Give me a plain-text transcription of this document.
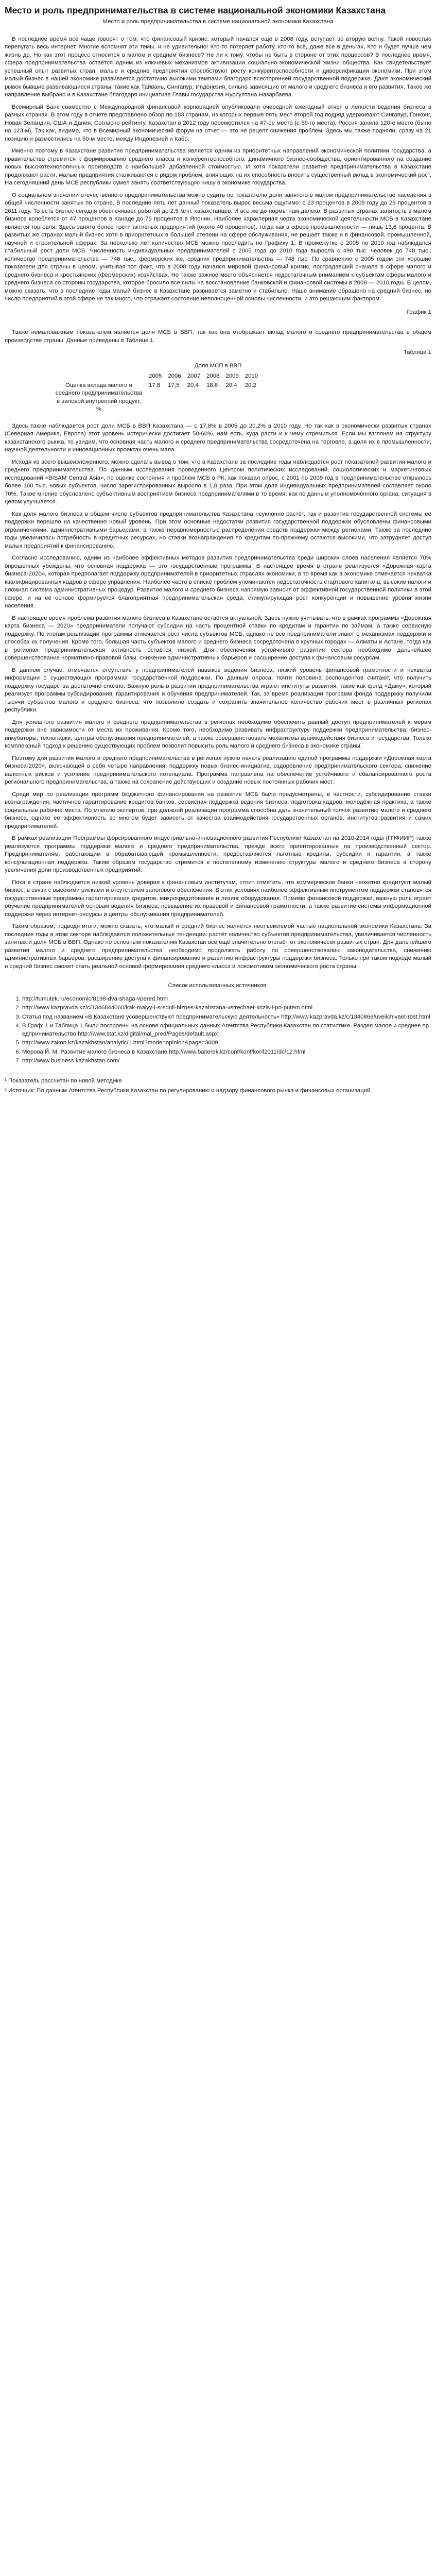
Место и роль предпринимательства в системе национальной экономики Казахстана
Место и роль предпринимательства в системе национальной экономики Казахстана

В последнее время все чаще говорят о том, что финансовый кризис, который начался ещё в 2008 году, вступает во вторую волну. Такой новостью перепугать весь интернет. Многие вспомнят эти темы, и не удивительно! Кто-то потеряет работу, кто-то всё, даже все в деньгах, Кто и будет лучше чем жизнь до. Но как этот процесс относится в малом и среднем бизнесе? Не ли к тому, чтобы не быть в стороне от этих процессов? В последнее время, сфера предпринимательства остаётся одним из ключевых механизмов активизации социально-экономической жизни общества. Как свидетельствует успешный опыт развитых стран, малые и средние предприятия способствуют росту конкурентоспособности и диверсификации экономики. При этом малый бизнес в нашей экономике развивается достаточно высокими темпами благодаря всесторонней государственной поддержке. Дают экономический рывок бывшие развивающиеся страны, такие как Тайвань, Сингапур, Индонезия, сильно зависящие от малого и среднего бизнеса и его развития. Такое же направление выбрано и в Казахстане благодаря инициативе Главы государства Нурсултана Назарбаева.

Всемирный Банк совместно с Международной финансовой корпорацией опубликовали очередной ежегодный отчет о легкости ведения бизнеса в разных странах. В этом году в отчете представлено обзор по 183 странам, из которых первые пять мест второй год подряд удерживают Сингапур, Гонконг, Новая Зеландия, США и Дания. Согласно рейтингу, Казахстан в 2012 году переместился на 47-ое место (с 59-го места), Россия заняла 120-е место (было на 123-м), Так как, видимо, что в Всемирный экономический форум на отчет — это не рецепт снижения проблем. Здесь мы также подняли, сразу на 21 позицию и разместились на 50-м месте, между Индонезией и Кабо.

Именно поэтому в Казахстане развитие предпринимательства является одним из приоритетных направлений экономической политики государства, а правительство стремится к формированию среднего класса и конкурентоспособного, динамичного бизнес-сообщества, ориентированного на создание новых высокотехнологичных производств с наибольшей добавленной стоимостью. И хотя показатели развития предпринимательства в Казахстане продолжают расти, малые предприятия сталкиваются с рядом проблем, влияющих на их способность вносить существенный вклад в экономический рост. На сегодняшний день МСБ республики сумел занять соответствующую нишу в экономике государства.

О социальном значении отечественного предпринимательства можно судить по показателю доли занятого в малом предпринимательстве населения в общей численности занятых по стране. В последние пять лет данный показатель вырос весьма ощутимо: с 23 процентов в 2009 году до 29 процентов в 2011 году. То есть бизнес сегодня обеспечивает работой до 2,5 млн. казахстанцев. И все же до нормы нам далеко. В развитых странах занятость в малом бизнесе колеблется от 47 процентов в Канаде до 75 процентов в Японии. Наиболее характерная черта экономической деятельности МСБ в Казахстане является торговля. Здесь занято более трети активных предприятий (около 40 процентов), тогда как в сфере промышленности — лишь 13,6 процента. В развитых же странах малый бизнес хотя в приоритетных в большей степени на сфере обслуживания, не решает также и в финансовой, промышленной, научной и строительной сферах. За несколько лет количество МСБ можно проследить по Графику 1. В промежутке с 2005 по 2010 год наблюдался стабильный рост доли МСБ. Численность индивидуальных предпринимателей с 2005 года до 2010 года выросла с 490 тыс. человек до 748 тыс., количество предпринимательства — 746 тыс., фермерских же, средних предпринимательства — 748 тыс. По сравнению с 2005 годом эти хорошие показатели для страны в целом, учитывая тот факт, что в 2008 году начался мировой финансовый кризис, пострадавший сначала в сфере малого и среднего бизнеса и крестьянских (фермерских) хозяйствах. Но также важное место объясняется недостаточным вниманием к субъектам сферы малого и среднего бизнеса со стороны государства, которое бросило все силы на восстановление банковской и финансовой системы в 2008 — 2010 годы. В целом, можно сказать, что в последние годы малый бизнес в Казахстане развивается заметно и стабильно. Наше внимание обращено на средний бизнес, но число предприятий в этой сфере не так много, что отражает состояние неполноценной основы численности, и это решающим фактором.

График 1

Также немаловажным показателем является доля МСБ в ВВП, так как она отображает вклад малого и среднего предпринимательства в общем производстве страны. Данные приведены в Таблице 1.

Таблица 1
Доля МСП в ВВП
	2005	2006	2007	2008	2009	2010
Оценка вклада малого и среднего предпринимательства в валовой внутренний продукт, %	17,8	17,5	20,4	18,6	20,4	20,2

Здесь также наблюдается рост доли МСБ в ВВП Казахстана — с 17,8% в 2005 до 20,2% в 2010 году. Но так как в экономически развитых странах (Северная Америка, Европа) этот уровень истерически достигает 50-60%, нам есть, куда расти и к чему стремиться. Если мы взглянем на структуру казахстанского рынка, то увидим, что основная часть малого и среднего предпринимательства сосредоточена на торговле, а доля их в промышленности, научной деятельности и инновационных проектах очень мала.

Исходя из всего вышеизложенного, можно сделать вывод о том, что в Казахстане за последние годы наблюдается рост показателей развития малого и среднего предпринимательства. По данным исследования проведённого Центром политических исследований, социологических и маркетинговых исследований «BISAM Central Asia», по оценке состояния и проблем МСБ в РК, как показал опрос, с 2001 по 2009 год в предпринимательстве открылось более 100 тыс. новых субъектов, число зарегистрированных выросло в 1,8 раза. При этом доля индивидуальных предпринимателей составляет около 70%. Такое мнение обусловлено субъективным восприятием бизнеса предпринимателями в то время, как по данным уполномоченного органа, ситуация в целом улучшается.

Как доля малого бизнеса в общем числе субъектов предпринимательства Казахстана неуклонно растёт, так и развитие государственной системы её поддержки перешло на качественно новый уровень. При этом основные недостатки развития государственной поддержки обусловлены финансовыми ограничениями, административными барьерами, а также неравномерностью распределения средств поддержки между регионами. Также за последние годы увеличилась потребность в кредитных ресурсах, но ставки вознаграждения по кредитам по-прежнему остаются высокими, что затрудняет доступ малых предприятий к финансированию.

Согласно исследованию, одним из наиболее эффективных методов развития предпринимательства среди широких слоёв населения является 70% опрошенных убеждены, что основная поддержка — это государственные программы. В настоящее время в стране реализуется «Дорожная карта бизнеса-2020», которая предполагает поддержку предпринимателей в приоритетных отраслях экономики, в то время как в экономике отмечается нехватка квалифицированных кадров в сфере управления. Наиболее часто в списке проблем упоминаются недостаточность стартового капитала, высокие налоги и сложная система административных процедур. Развитие малого и среднего бизнеса напрямую зависит от эффективной государственной политики в этой сфере, и на её основе формируется благоприятная предпринимательская среда, стимулирующая рост конкуренции и повышение уровня жизни населения.

В настоящее время проблема развития малого бизнеса в Казахстане остаётся актуальной. Здесь нужно учитывать, что в рамках программы «Дорожная карта бизнеса — 2020» предприниматели получают субсидии на часть процентной ставки по кредитам и гарантии по займам, а также сервисную поддержку. По итогам реализации программы отмечается рост числа субъектов МСБ, однако не все предприниматели знают о механизмах поддержки и способах их получения. Кроме того, большая часть субъектов малого и среднего бизнеса сосредоточена в крупных городах — Алматы и Астане, тогда как в регионах предпринимательская активность остаётся низкой. Для обеспечения устойчивого развития сектора необходимо дальнейшее совершенствование нормативно-правовой базы, снижение административных барьеров и расширение доступа к финансовым ресурсам.

В данном случае, отмечается отсутствие у предпринимателей навыков ведения бизнеса, низкий уровень финансовой грамотности и нехватка информации о существующих программах государственной поддержки. По данным опроса, почти половина респондентов считают, что получить поддержку государства достаточно сложно. Важную роль в развитии предпринимательства играют институты развития, такие как фонд «Даму», который реализует программы субсидирования, гарантирования и обучения предпринимателей. Так, за время реализации программ фонда поддержку получили тысячи субъектов малого и среднего бизнеса, что позволило создать и сохранить значительное количество рабочих мест в различных регионах республики.

Для успешного развития малого и среднего предпринимательства в регионах необходимо обеспечить равный доступ предпринимателей к мерам поддержки вне зависимости от места их проживания. Кроме того, необходимо развивать инфраструктуру поддержки предпринимательства: бизнес-инкубаторы, технопарки, центры обслуживания предпринимателей, а также совершенствовать механизмы взаимодействия бизнеса и государства. Только комплексный подход к решению существующих проблем позволит повысить роль малого и среднего бизнеса в экономике страны.

Поэтому для развития малого и среднего предпринимательства в регионах нужно начать реализацию единой программы поддержки «Дорожная карта бизнеса-2020», включающей в себя четыре направления: поддержку новых бизнес-инициатив, оздоровление предпринимательского сектора, снижение валютных рисков и усиление предпринимательского потенциала. Программа направлена на обеспечение устойчивого и сбалансированного роста регионального предпринимательства, а также на сохранение действующих и создание новых постоянных рабочих мест.

Среди мер по реализации программ бюджетного финансирования на развитие МСБ были предусмотрены, в частности, субсидирование ставки вознаграждения, частичное гарантирование кредитов банков, сервисная поддержка ведения бизнеса, подготовка кадров, молодёжная практика, а также социальные рабочие места. По мнению экспертов, при должной реализации программа способна дать значительный толчок развитию малого и среднего бизнеса, однако её эффективность во многом будет зависеть от качества взаимодействия государственных органов, институтов развития и самих предпринимателей.

В рамках реализации Программы форсированного индустриально-инновационного развития Республики Казахстан на 2010-2014 годы (ГПФИИР) также реализуются программы поддержки малого и среднего предпринимательства, прежде всего ориентированные на производственный сектор. Предпринимателям, работающим в обрабатывающей промышленности, предоставляются льготные кредиты, субсидии и гарантии, а также консультационная поддержка. Таким образом государство стремится к постепенному изменению структуры малого и среднего бизнеса в сторону увеличения доли производственных предприятий.

Пока в стране наблюдается низкий уровень доверия к финансовым институтам, стоит отметить, что коммерческие банки неохотно кредитуют малый бизнес, в связи с высокими рисками и отсутствием залогового обеспечения. В этих условиях наиболее эффективным инструментом поддержки становятся государственные программы гарантирования кредитов, микрокредитование и лизинг оборудования. Помимо финансовой поддержки, важную роль играет обучение предпринимателей основам ведения бизнеса, повышение их правовой и финансовой грамотности, а также развитие системы информационной поддержки через интернет-ресурсы и центры обслуживания предпринимателей.

Таким образом, подводя итоги, можно сказать, что малый и средний бизнес является неотъемлемой частью национальной экономики Казахстана. За последние годы в этом секторе наблюдаются положительные тенденции: растёт количество субъектов предпринимательства, увеличивается численность занятых и доля МСБ в ВВП. Однако по основным показателям Казахстан всё ещё значительно отстаёт от экономически развитых стран. Для дальнейшего развития малого и среднего предпринимательства необходимо продолжать работу по совершенствованию законодательства, снижению административных барьеров, расширению доступа к финансированию и развитию инфраструктуры поддержки бизнеса. Только при таком подходе малый и средний бизнес сможет стать реальной основой формирования среднего класса и локомотивом экономического роста страны.

Список использованных источников:
1. http://tumutek.ru/economic/8198-dva-shaga-vpered.html
2. http://www.kazpravda.kz/c/1346844060/kak-malyy-i-srednii-biznes-kazahstana-vstrechaet-krizis-i-po-putem.html
3. Статья под названием «В Казахстане усовершенствуют предпринимательскую деятельность» http://www.kazpravda.kz/c/1340866/uvelichivaet-rost.html
4. В Граф: 1 и Таблица 1 были построены на основе официальных данных Агентства Республики Казахстан по статистике. Раздел малое и среднее предпринимательство http://www.stat.kz/digital/mal_pred/Pages/default.aspx
5. http://www.zakon.kz/kazakhstan/analytic/1.html?mode=opinion&page=3009
6. Мерова Й. М. Развитие малого бизнеса в Казахстане http://www.baiterek.kz/conf/konf/konf2011/dc/12.html
7. http://www.business.kazakhstan.com/

¹ Показатель рассчитан по новой методике

² Источник: По данным Агентства Республики Казахстан по регулированию и надзору финансового рынка и финансовых организаций.
